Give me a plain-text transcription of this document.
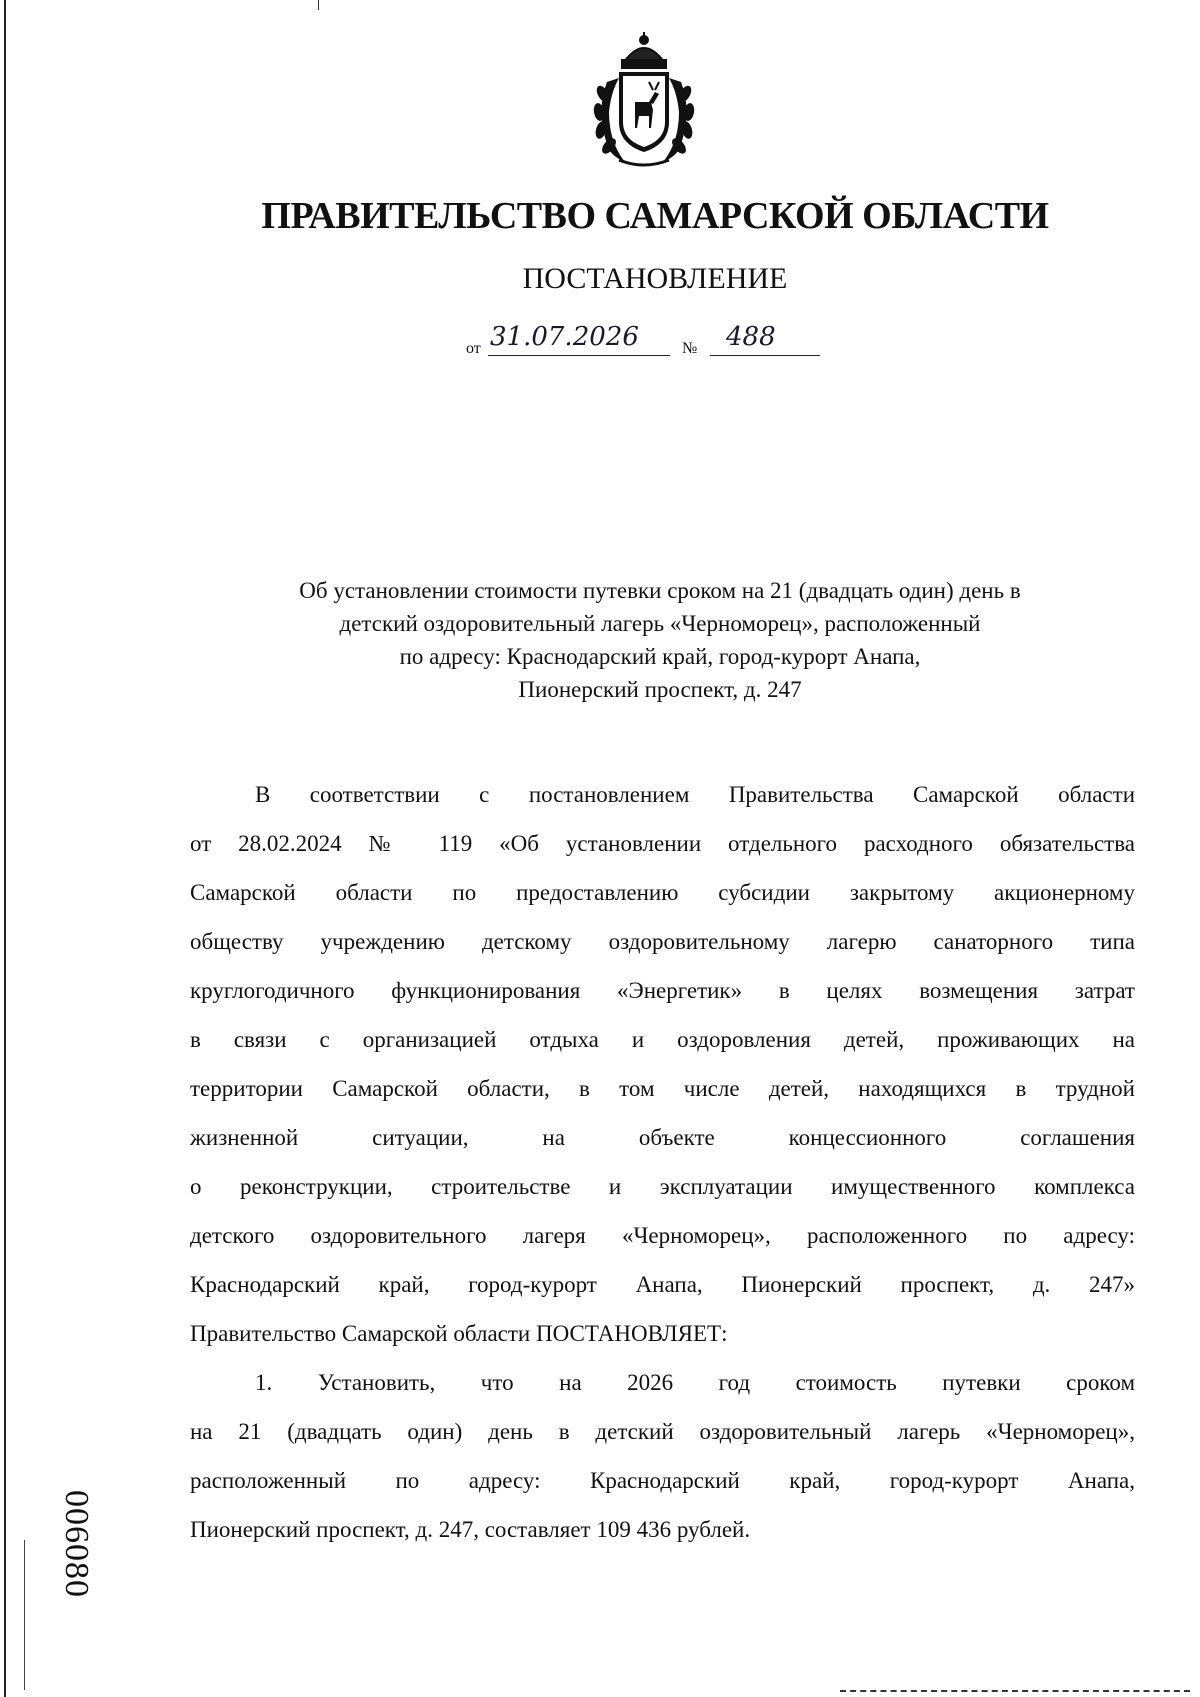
ПРАВИТЕЛЬСТВО САМАРСКОЙ ОБЛАСТИ
ПОСТАНОВЛЕНИЕ
от 31.07.2026	№ 488
Об установлении стоимости путевки сроком на 21 (двадцать один) день в
детский оздоровительный лагерь «Черноморец», расположенный
по адресу: Краснодарский край, город-курорт Анапа,
Пионерский проспект, д. 247
В соответствии с постановлением Правительства Самарской области
от 28.02.2024 № 119 «Об установлении отдельного расходного обязательства
Самарской области по предоставлению субсидии закрытому акционерному
обществу учреждению детскому оздоровительному лагерю санаторного типа
круглогодичного функционирования «Энергетик» в целях возмещения затрат
в связи с организацией отдыха и оздоровления детей, проживающих на
территории Самарской области, в том числе детей, находящихся в трудной
жизненной ситуации, на объекте концессионного соглашения
о реконструкции, строительстве и эксплуатации имущественного комплекса
детского оздоровительного лагеря «Черноморец», расположенного по адресу:
Краснодарский край, город-курорт Анапа, Пионерский проспект, д. 247»
Правительство Самарской области ПОСТАНОВЛЯЕТ:
1. Установить, что на 2026 год стоимость путевки сроком
на 21 (двадцать один) день в детский оздоровительный лагерь «Черноморец»,
расположенный по адресу: Краснодарский край, город-курорт Анапа,
Пионерский проспект, д. 247, составляет 109 436 рублей.
006080
